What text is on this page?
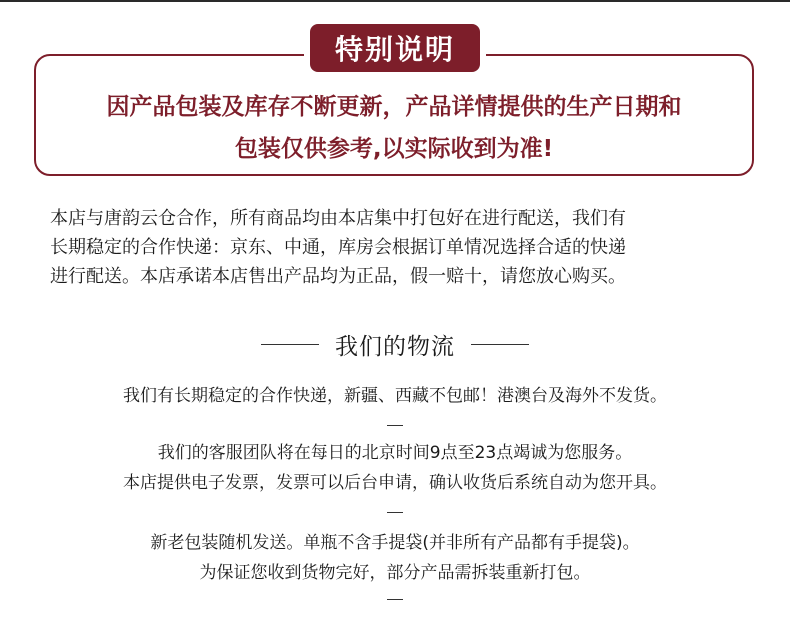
特别说明
因产品包装及库存不断更新，产品详情提供的生产日期和
包装仅供参考,以实际收到为准!
本店与唐韵云仓合作，所有商品均由本店集中打包好在进行配送，我们有
长期稳定的合作快递：京东、中通，库房会根据订单情况选择合适的快递
进行配送。本店承诺本店售出产品均为正品，假一赔十，请您放心购买。
我们的物流
我们有长期稳定的合作快递，新疆、西藏不包邮！港澳台及海外不发货。
我们的客服团队将在每日的北京时间9点至23点竭诚为您服务。
本店提供电子发票，发票可以后台申请，确认收货后系统自动为您开具。
新老包装随机发送。单瓶不含手提袋(并非所有产品都有手提袋)。
为保证您收到货物完好，部分产品需拆装重新打包。
